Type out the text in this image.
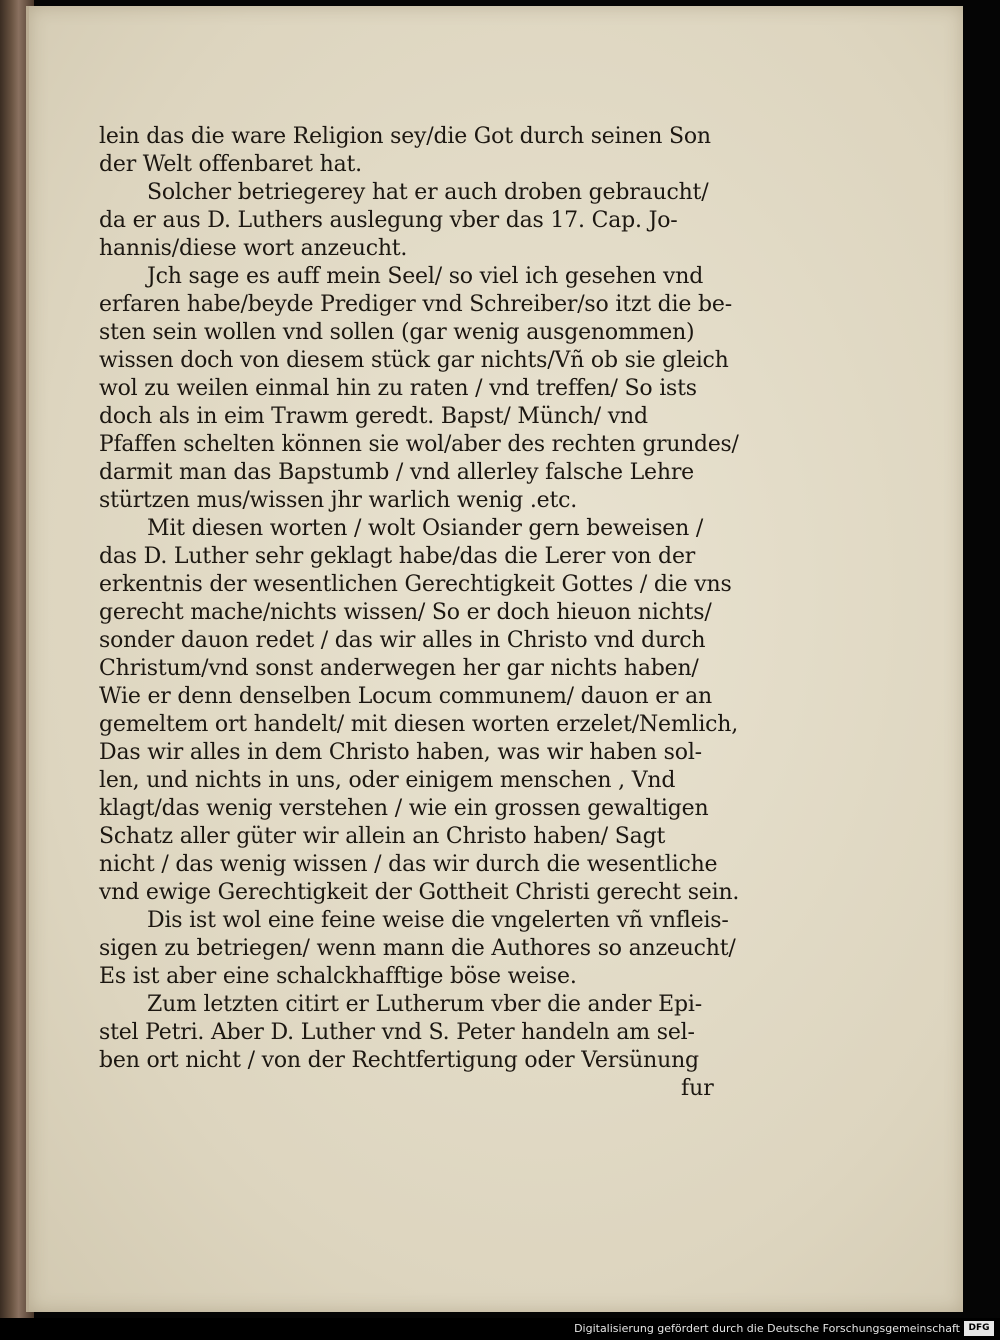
lein das die ware Religion sey/die Got durch seinen Son
der Welt offenbaret hat.
Solcher betriegerey hat er auch droben gebraucht/
da er aus D. Luthers auslegung vber das 17. Cap. Jo-
hannis/diese wort anzeucht.
Jch sage es auff mein Seel/ so viel ich gesehen vnd
erfaren habe/beyde Prediger vnd Schreiber/so itzt die be-
sten sein wollen vnd sollen (gar wenig ausgenommen)
wissen doch von diesem stück gar nichts/Vñ ob sie gleich
wol zu weilen einmal hin zu raten / vnd treffen/ So ists
doch als in eim Trawm geredt. Bapst/ Münch/ vnd
Pfaffen schelten können sie wol/aber des rechten grundes/
darmit man das Bapstumb / vnd allerley falsche Lehre
stürtzen mus/wissen jhr warlich wenig .etc.
Mit diesen worten / wolt Osiander gern beweisen /
das D. Luther sehr geklagt habe/das die Lerer von der
erkentnis der wesentlichen Gerechtigkeit Gottes / die vns
gerecht mache/nichts wissen/ So er doch hieuon nichts/
sonder dauon redet / das wir alles in Christo vnd durch
Christum/vnd sonst anderwegen her gar nichts haben/
Wie er denn denselben Locum communem/ dauon er an
gemeltem ort handelt/ mit diesen worten erzelet/Nemlich,
Das wir alles in dem Christo haben, was wir haben sol-
len, und nichts in uns, oder einigem menschen , Vnd
klagt/das wenig verstehen / wie ein grossen gewaltigen
Schatz aller güter wir allein an Christo haben/ Sagt
nicht / das wenig wissen / das wir durch die wesentliche
vnd ewige Gerechtigkeit der Gottheit Christi gerecht sein.
Dis ist wol eine feine weise die vngelerten vñ vnfleis-
sigen zu betriegen/ wenn mann die Authores so anzeucht/
Es ist aber eine schalckhafftige böse weise.
Zum letzten citirt er Lutherum vber die ander Epi-
stel Petri. Aber D. Luther vnd S. Peter handeln am sel-
ben ort nicht / von der Rechtfertigung oder Versünung
fur
Digitalisierung gefördert durch die Deutsche Forschungsgemeinschaft DFG
